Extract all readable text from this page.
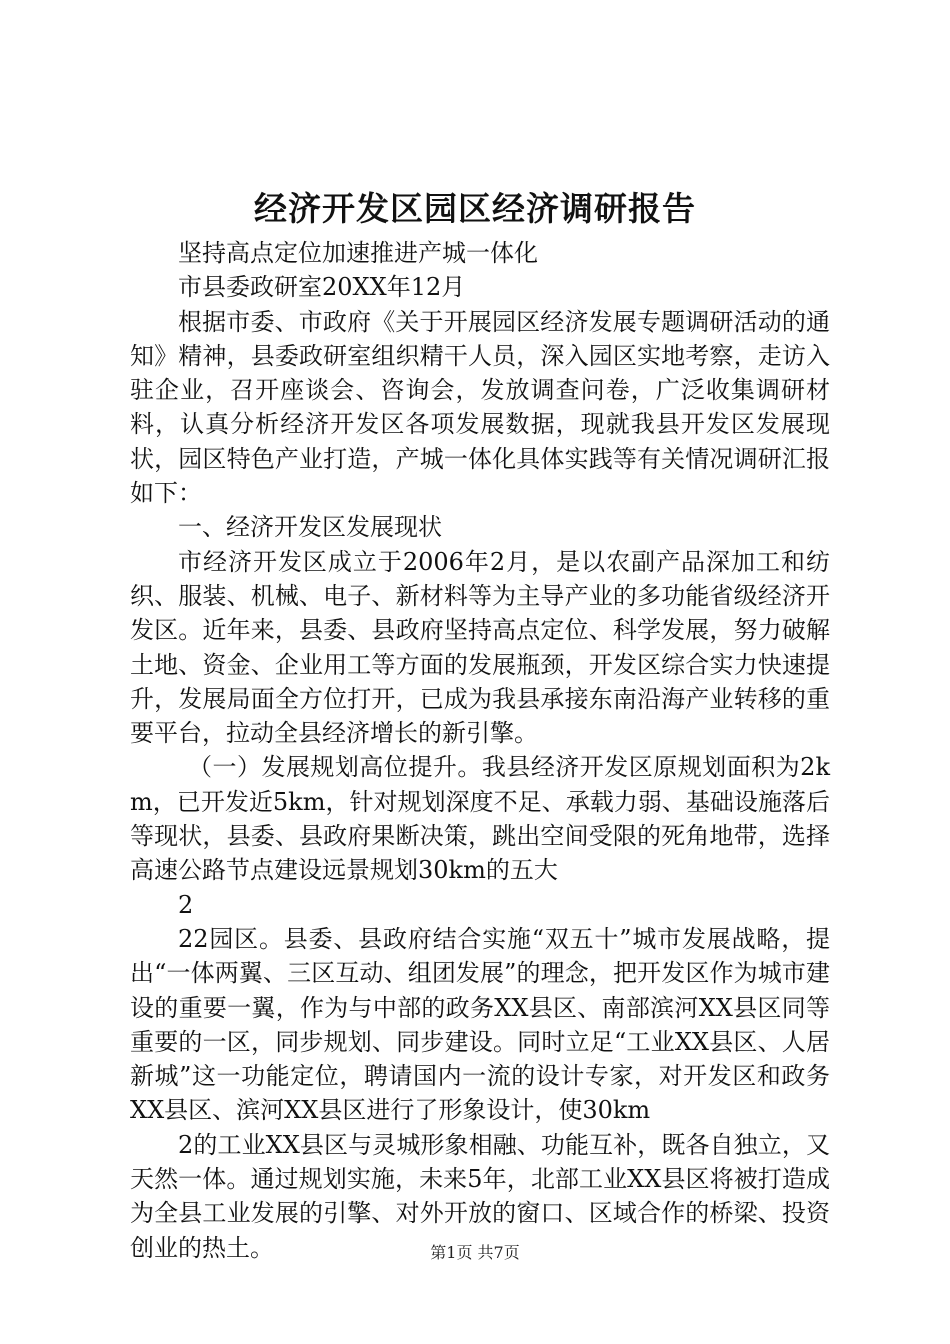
经济开发区园区经济调研报告

坚持高点定位加速推进产城一体化

市县委政研室20XX年12月

根据市委、市政府《关于开展园区经济发展专题调研活动的通知》精神，县委政研室组织精干人员，深入园区实地考察，走访入驻企业，召开座谈会、咨询会，发放调查问卷，广泛收集调研材料，认真分析经济开发区各项发展数据，现就我县开发区发展现状，园区特色产业打造，产城一体化具体实践等有关情况调研汇报如下：

一、经济开发区发展现状

市经济开发区成立于2006年2月，是以农副产品深加工和纺织、服装、机械、电子、新材料等为主导产业的多功能省级经济开发区。近年来，县委、县政府坚持高点定位、科学发展，努力破解土地、资金、企业用工等方面的发展瓶颈，开发区综合实力快速提升，发展局面全方位打开，已成为我县承接东南沿海产业转移的重要平台，拉动全县经济增长的新引擎。

（一）发展规划高位提升。我县经济开发区原规划面积为2km，已开发近5km，针对规划深度不足、承载力弱、基础设施落后等现状，县委、县政府果断决策，跳出空间受限的死角地带，选择高速公路节点建设远景规划30km的五大

2

22园区。县委、县政府结合实施“双五十”城市发展战略，提出“一体两翼、三区互动、组团发展”的理念，把开发区作为城市建设的重要一翼，作为与中部的政务XX县区、南部滨河XX县区同等重要的一区，同步规划、同步建设。同时立足“工业XX县区、人居新城”这一功能定位，聘请国内一流的设计专家，对开发区和政务XX县区、滨河XX县区进行了形象设计，使30km

2的工业XX县区与灵城形象相融、功能互补，既各自独立，又天然一体。通过规划实施，未来5年，北部工业XX县区将被打造成为全县工业发展的引擎、对外开放的窗口、区域合作的桥梁、投资创业的热土。	第1页 共7页
